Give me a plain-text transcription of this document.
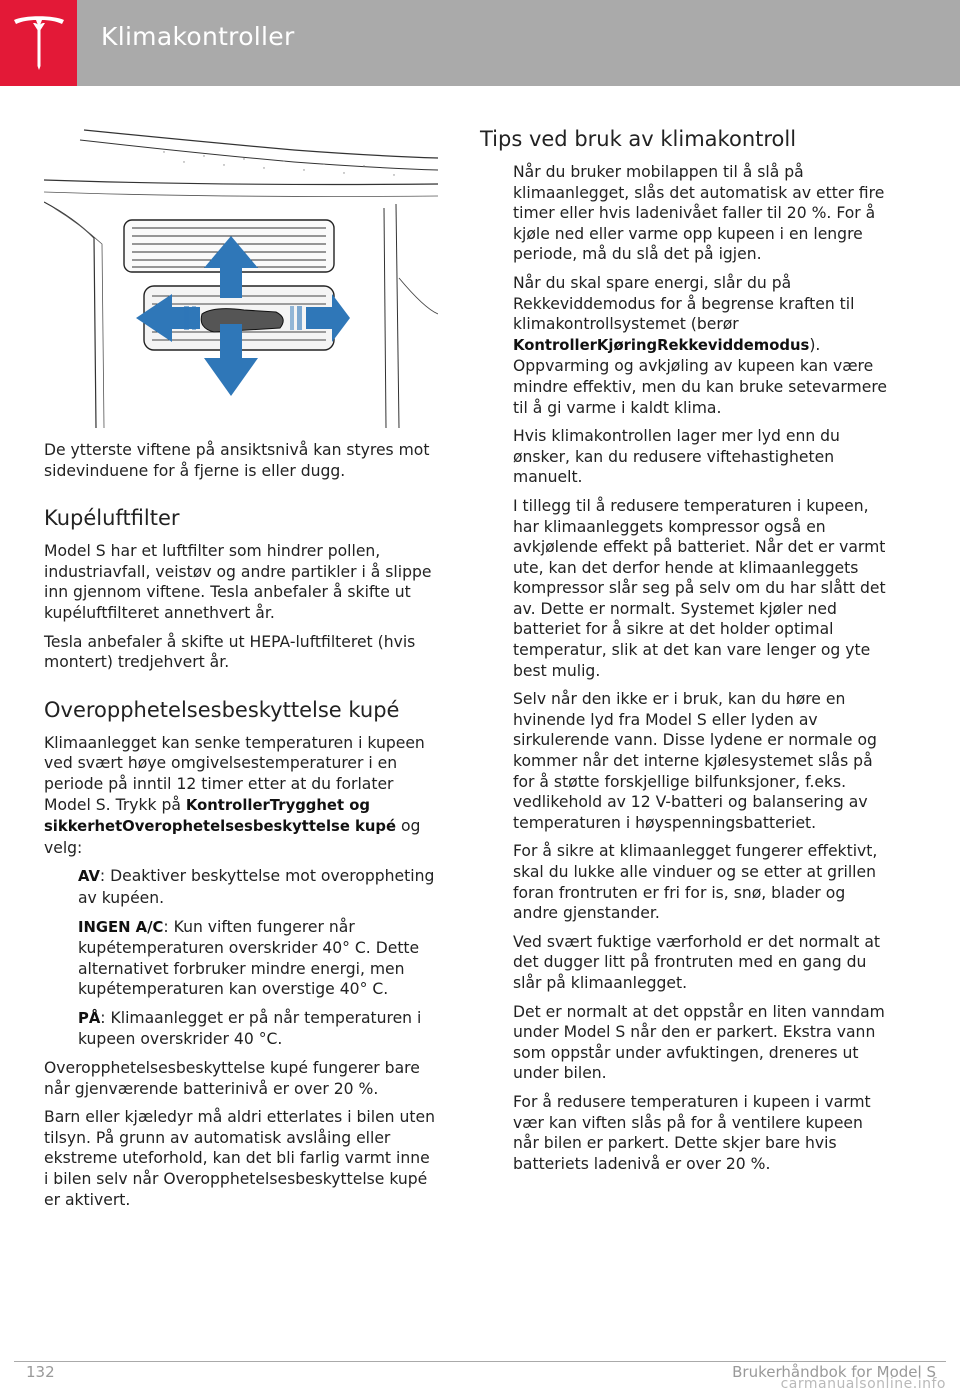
Klimakontroller

De ytterste viftene på ansiktsnivå kan styres mot sidevinduene for å fjerne is eller dugg.

Kupéluftfilter

Model S har et luftfilter som hindrer pollen, industriavfall, veistøv og andre partikler i å slippe inn gjennom viftene. Tesla anbefaler å skifte ut kupéluftfilteret annethvert år.

Tesla anbefaler å skifte ut HEPA-luftfilteret (hvis montert) tredjehvert år.

Overopphetelsesbeskyttelse kupé

Klimaanlegget kan senke temperaturen i kupeen ved svært høye omgivelsestemperaturer i en periode på inntil 12 timer etter at du forlater Model S. Trykk på KontrollerTrygghet og sikkerhetOverophetelsesbeskyttelse kupé og velg:

AV: Deaktiver beskyttelse mot overoppheting av kupéen.

INGEN A/C: Kun viften fungerer når kupétemperaturen overskrider 40° C. Dette alternativet forbruker mindre energi, men kupétemperaturen kan overstige 40° C.

PÅ: Klimaanlegget er på når temperaturen i kupeen overskrider 40 °C.

Overopphetelsesbeskyttelse kupé fungerer bare når gjenværende batterinivå er over 20 %.

Barn eller kjæledyr må aldri etterlates i bilen uten tilsyn. På grunn av automatisk avslåing eller ekstreme uteforhold, kan det bli farlig varmt inne i bilen selv når Overopphetelsesbeskyttelse kupé er aktivert.

Tips ved bruk av klimakontroll

Når du bruker mobilappen til å slå på klimaanlegget, slås det automatisk av etter fire timer eller hvis ladenivået faller til 20 %. For å kjøle ned eller varme opp kupeen i en lengre periode, må du slå det på igjen.

Når du skal spare energi, slår du på Rekkeviddemodus for å begrense kraften til klimakontrollsystemet (berør KontrollerKjøringRekkeviddemodus). Oppvarming og avkjøling av kupeen kan være mindre effektiv, men du kan bruke setevarmere til å gi varme i kaldt klima.

Hvis klimakontrollen lager mer lyd enn du ønsker, kan du redusere viftehastigheten manuelt.

I tillegg til å redusere temperaturen i kupeen, har klimaanleggets kompressor også en avkjølende effekt på batteriet. Når det er varmt ute, kan det derfor hende at klimaanleggets kompressor slår seg på selv om du har slått det av. Dette er normalt. Systemet kjøler ned batteriet for å sikre at det holder optimal temperatur, slik at det kan vare lenger og yte best mulig.

Selv når den ikke er i bruk, kan du høre en hvinende lyd fra Model S eller lyden av sirkulerende vann. Disse lydene er normale og kommer når det interne kjølesystemet slås på for å støtte forskjellige bilfunksjoner, f.eks. vedlikehold av 12 V-batteri og balansering av temperaturen i høyspenningsbatteriet.

For å sikre at klimaanlegget fungerer effektivt, skal du lukke alle vinduer og se etter at grillen foran frontruten er fri for is, snø, blader og andre gjenstander.

Ved svært fuktige værforhold er det normalt at det dugger litt på frontruten med en gang du slår på klimaanlegget.

Det er normalt at det oppstår en liten vanndam under Model S når den er parkert. Ekstra vann som oppstår under avfuktingen, dreneres ut under bilen.

For å redusere temperaturen i kupeen i varmt vær kan viften slås på for å ventilere kupeen når bilen er parkert. Dette skjer bare hvis batteriets ladenivå er over 20 %.

132	Brukerhåndbok for Model S
carmanualsonline.info
